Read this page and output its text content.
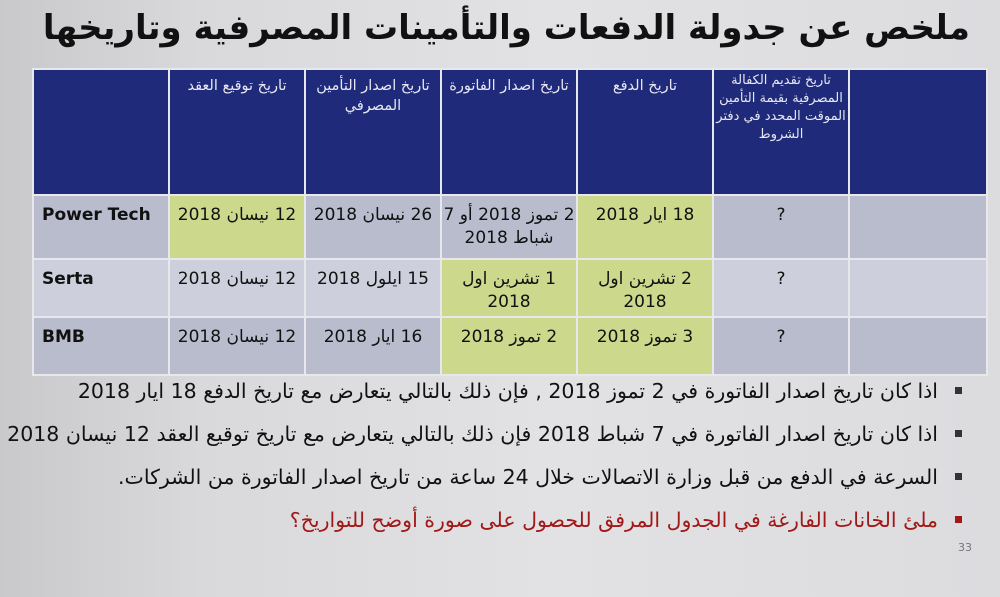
ملخص عن جدولة الدفعات والتأمينات المصرفية وتاريخها
	تاريخ توقيع العقد	تاريخ اصدار التأمين المصرفي	تاريخ اصدار الفاتورة	تاريخ الدفع	تاريخ تقديم الكفالة المصرفية بقيمة التأمين الموقت المحدد في دفتر الشروط	
Power Tech	12 نيسان 2018	26 نيسان 2018	2 تموز 2018 أو 7 شباط 2018	18 ايار 2018	?	
Serta	12 نيسان 2018	15 ايلول 2018	1 تشرين اول 2018	2 تشرين اول 2018	?	
BMB	12 نيسان 2018	16 ايار 2018	2 تموز 2018	3 تموز 2018	?	
اذا كان تاريخ اصدار الفاتورة في 2 تموز 2018 , فإن ذلك بالتالي يتعارض مع تاريخ الدفع 18 ايار 2018
اذا كان تاريخ اصدار الفاتورة في 7 شباط 2018 فإن ذلك بالتالي يتعارض مع تاريخ توقيع العقد 12 نيسان 2018
السرعة في الدفع من قبل وزارة الاتصالات خلال 24 ساعة من تاريخ اصدار الفاتورة من الشركات.
ملئ الخانات الفارغة في الجدول المرفق للحصول على صورة أوضح للتواريخ؟
33
